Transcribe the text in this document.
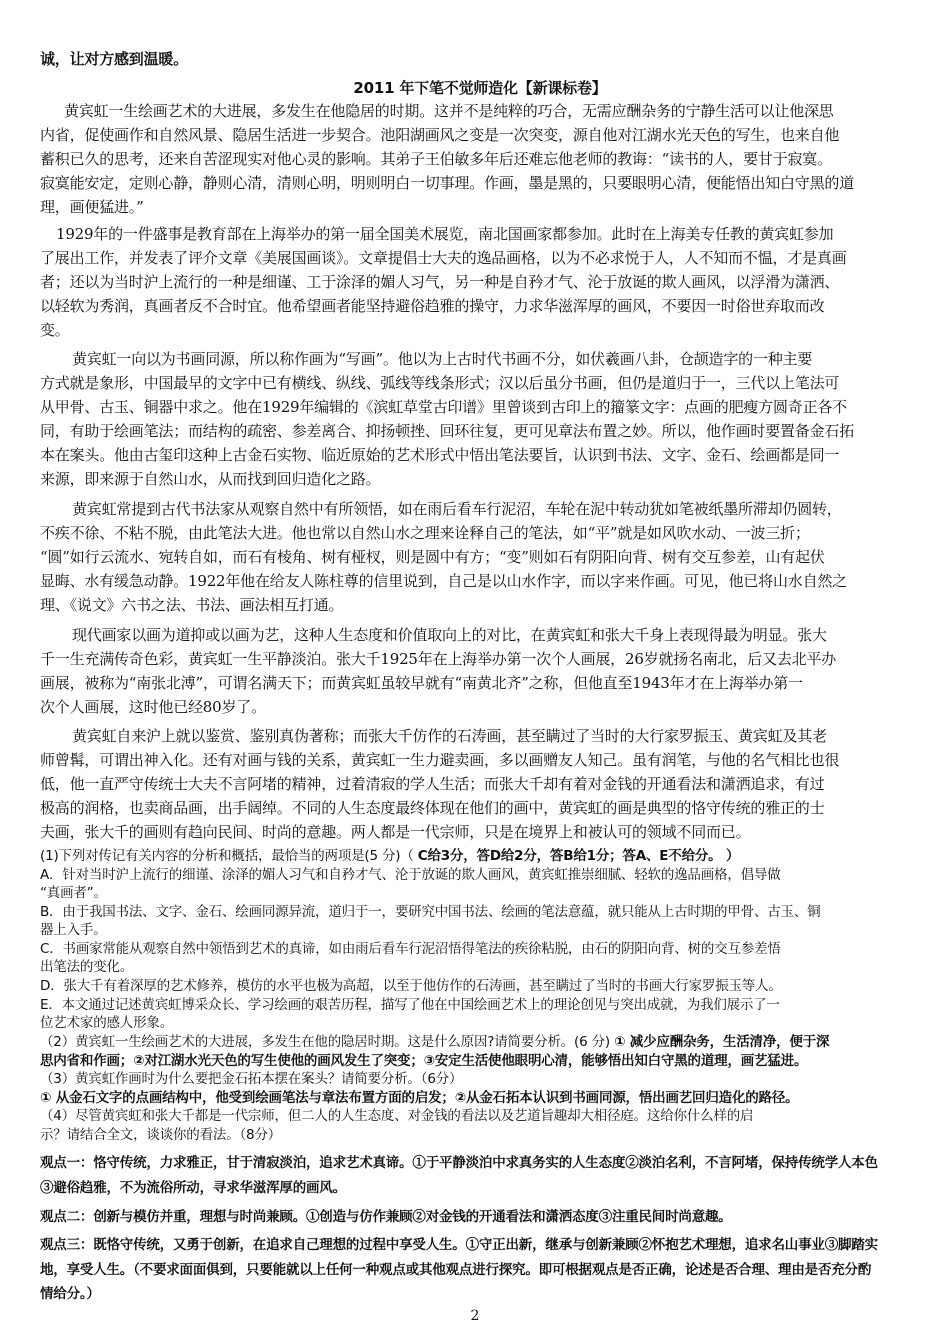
诚，让对方感到温暖。
2011 年下笔不觉师造化【新课标卷】
黄宾虹一生绘画艺术的大进展，多发生在他隐居的时期。这并不是纯粹的巧合，无需应酬杂务的宁静生活可以让他深思
内省，促使画作和自然风景、隐居生活进一步契合。池阳湖画风之变是一次突变，源自他对江湖水光天色的写生，也来自他
蓄积已久的思考，还来自苦涩现实对他心灵的影响。其弟子王伯敏多年后还难忘他老师的教诲：“读书的人，要甘于寂寞。
寂寞能安定，定则心静，静则心清，清则心明，明则明白一切事理。作画，墨是黑的，只要眼明心清，便能悟出知白守黑的道
理，画便猛进。”
1929年的一件盛事是教育部在上海举办的第一届全国美术展览，南北国画家都参加。此时在上海美专任教的黄宾虹参加
了展出工作，并发表了评介文章《美展国画谈》。文章提倡士大夫的逸品画格，以为不必求悦于人，人不知而不愠，才是真画
者；还以为当时沪上流行的一种是细谨、工于涂泽的媚人习气，另一种是自矜才气、沦于放诞的欺人画风，以浮滑为潇洒、
以轻软为秀润，真画者反不合时宜。他希望画者能坚持避俗趋雅的操守，力求华滋浑厚的画风，不要因一时俗世弃取而改
变。
黄宾虹一向以为书画同源，所以称作画为“写画”。他以为上古时代书画不分，如伏羲画八卦，仓颉造字的一种主要
方式就是象形，中国最早的文字中已有横线、纵线、弧线等线条形式；汉以后虽分书画，但仍是道归于一，三代以上笔法可
从甲骨、古玉、铜器中求之。他在1929年编辑的《滨虹草堂古印谱》里曾谈到古印上的籀篆文字：点画的肥瘦方圆奇正各不
同，有助于绘画笔法；而结构的疏密、参差离合、抑扬顿挫、回环往复，更可见章法布置之妙。所以，他作画时要置备金石拓
本在案头。他由古玺印这种上古金石实物、临近原始的艺术形式中悟出笔法要旨，认识到书法、文字、金石、绘画都是同一
来源，即来源于自然山水，从而找到回归造化之路。
黄宾虹常提到古代书法家从观察自然中有所领悟，如在雨后看车行泥沼，车轮在泥中转动犹如笔被纸墨所滞却仍圆转，
不疾不徐、不粘不脱，由此笔法大进。他也常以自然山水之理来诠释自己的笔法，如“平”就是如风吹水动、一波三折；
“圆”如行云流水、宛转自如，而石有棱角、树有桠杈，则是圆中有方；“变”则如石有阴阳向背、树有交互参差，山有起伏
显晦、水有缓急动静。1922年他在给友人陈柱尊的信里说到，自己是以山水作字，而以字来作画。可见，他已将山水自然之
理、《说文》六书之法、书法、画法相互打通。
现代画家以画为道抑或以画为艺，这种人生态度和价值取向上的对比，在黄宾虹和张大千身上表现得最为明显。张大
千一生充满传奇色彩，黄宾虹一生平静淡泊。张大千1925年在上海举办第一次个人画展，26岁就扬名南北，后又去北平办
画展，被称为“南张北溥”，可谓名满天下；而黄宾虹虽较早就有“南黄北齐”之称，但他直至1943年才在上海举办第一
次个人画展，这时他已经80岁了。
黄宾虹自来沪上就以鉴赏、鉴别真伪著称；而张大千仿作的石涛画，甚至瞒过了当时的大行家罗振玉、黄宾虹及其老
师曾髯，可谓出神入化。还有对画与钱的关系，黄宾虹一生力避卖画，多以画赠友人知己。虽有润笔，与他的名气相比也很
低，他一直严守传统士大夫不言阿堵的精神，过着清寂的学人生活；而张大千却有着对金钱的开通看法和潇洒追求，有过
极高的润格，也卖商品画，出手阔绰。不同的人生态度最终体现在他们的画中，黄宾虹的画是典型的恪守传统的雅正的士
夫画，张大千的画则有趋向民间、时尚的意趣。两人都是一代宗师，只是在境界上和被认可的领域不同而已。
(1)下列对传记有关内容的分析和概括，最恰当的两项是(5 分)（ C给3分，答D给2分，答B给1分；答A、E不给分。 ）
A．针对当时沪上流行的细谨、涂泽的媚人习气和自矜才气、沦于放诞的欺人画风，黄宾虹推崇细腻、轻软的逸品画格，倡导做
“真画者”。
B．由于我国书法、文字、金石、绘画同源异流，道归于一，要研究中国书法、绘画的笔法意蕴，就只能从上古时期的甲骨、古玉、铜
器上入手。
C．书画家常能从观察自然中领悟到艺术的真谛，如由雨后看车行泥沼悟得笔法的疾徐粘脱，由石的阴阳向背、树的交互参差悟
出笔法的变化。
D．张大千有着深厚的艺术修养，模仿的水平也极为高超，以至于他仿作的石涛画，甚至瞒过了当时的书画大行家罗振玉等人。
E．本文通过记述黄宾虹博采众长、学习绘画的艰苦历程，描写了他在中国绘画艺术上的理论创见与突出成就，为我们展示了一
位艺术家的感人形象。
（2）黄宾虹一生绘画艺术的大进展，多发生在他的隐居时期。这是什么原因?请简要分析。(6 分) ① 减少应酬杂务，生活清净，便于深
思内省和作画；②对江湖水光天色的写生使他的画风发生了突变；③安定生活使他眼明心清，能够悟出知白守黑的道理，画艺猛进。
（3）黄宾虹作画时为什么要把金石拓本摆在案头？请简要分析。（6分）
① 从金石文字的点画结构中，他受到绘画笔法与章法布置方面的启发；②从金石拓本认识到书画同源，悟出画艺回归造化的路径。
（4）尽管黄宾虹和张大千都是一代宗师，但二人的人生态度、对金钱的看法以及艺道旨趣却大相径庭。这给你什么样的启
示？请结合全文，谈谈你的看法。（8分）
观点一：恪守传统，力求雅正，甘于清寂淡泊，追求艺术真谛。①于平静淡泊中求真务实的人生态度②淡泊名利，不言阿堵，保持传统学人本色
③避俗趋雅，不为流俗所动，寻求华滋浑厚的画风。
观点二：创新与模仿并重，理想与时尚兼顾。①创造与仿作兼顾②对金钱的开通看法和潇洒态度③注重民间时尚意趣。
观点三：既恪守传统，又勇于创新，在追求自己理想的过程中享受人生。①守正出新，继承与创新兼顾②怀抱艺术理想，追求名山事业③脚踏实
地，享受人生。（不要求面面俱到，只要能就以上任何一种观点或其他观点进行探究。即可根据观点是否正确，论述是否合理、理由是否充分酌
情给分。）
2
